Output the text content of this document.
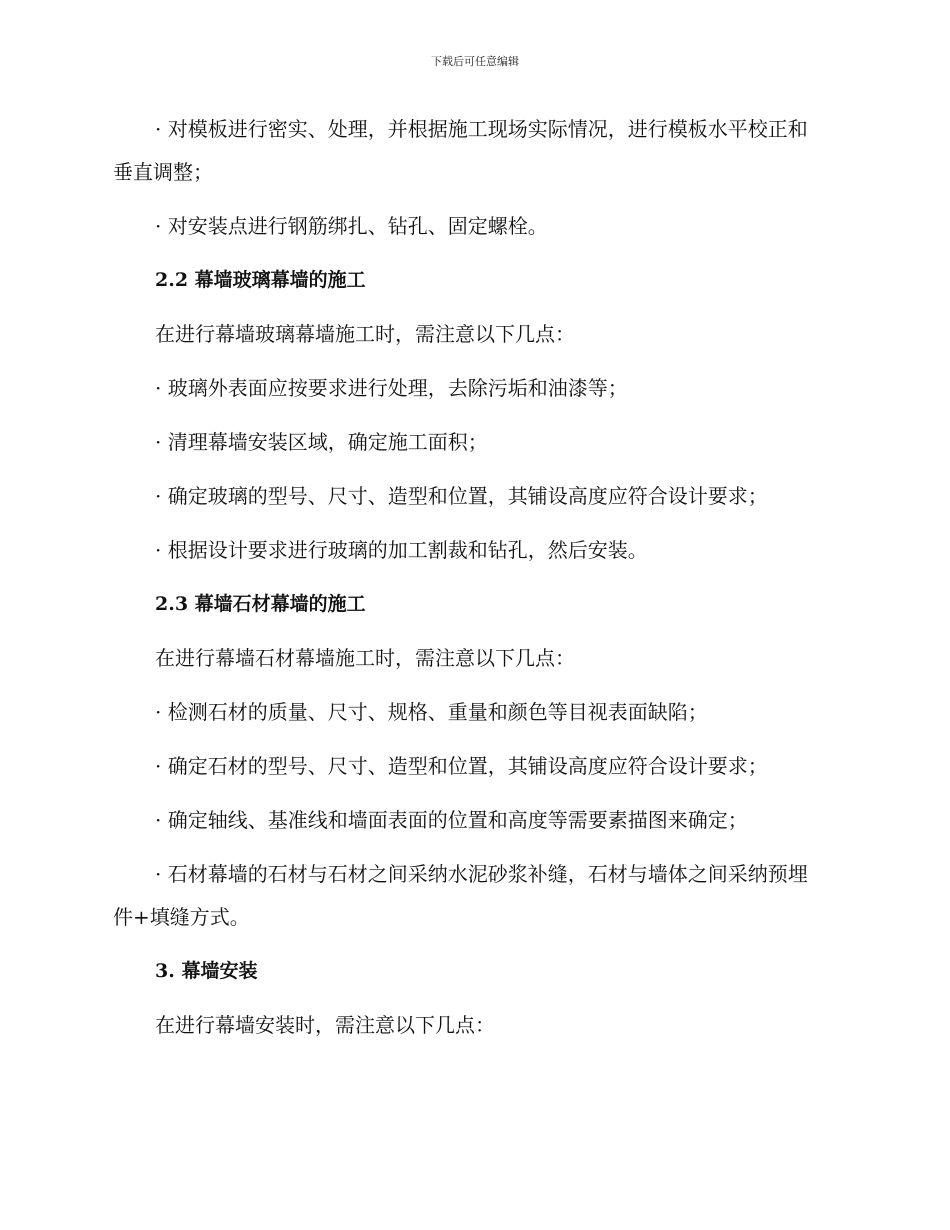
下载后可任意编辑

· 对模板进行密实、处理，并根据施工现场实际情况，进行模板水平校正和垂直调整；

· 对安装点进行钢筋绑扎、钻孔、固定螺栓。

2.2 幕墙玻璃幕墙的施工

在进行幕墙玻璃幕墙施工时，需注意以下几点：

· 玻璃外表面应按要求进行处理，去除污垢和油漆等；

· 清理幕墙安装区域，确定施工面积；

· 确定玻璃的型号、尺寸、造型和位置，其铺设高度应符合设计要求；

· 根据设计要求进行玻璃的加工割裁和钻孔，然后安装。

2.3 幕墙石材幕墙的施工

在进行幕墙石材幕墙施工时，需注意以下几点：

· 检测石材的质量、尺寸、规格、重量和颜色等目视表面缺陷；

· 确定石材的型号、尺寸、造型和位置，其铺设高度应符合设计要求；

· 确定轴线、基准线和墙面表面的位置和高度等需要素描图来确定；

· 石材幕墙的石材与石材之间采纳水泥砂浆补缝，石材与墙体之间采纳预埋件+填缝方式。

3. 幕墙安装

在进行幕墙安装时，需注意以下几点：
